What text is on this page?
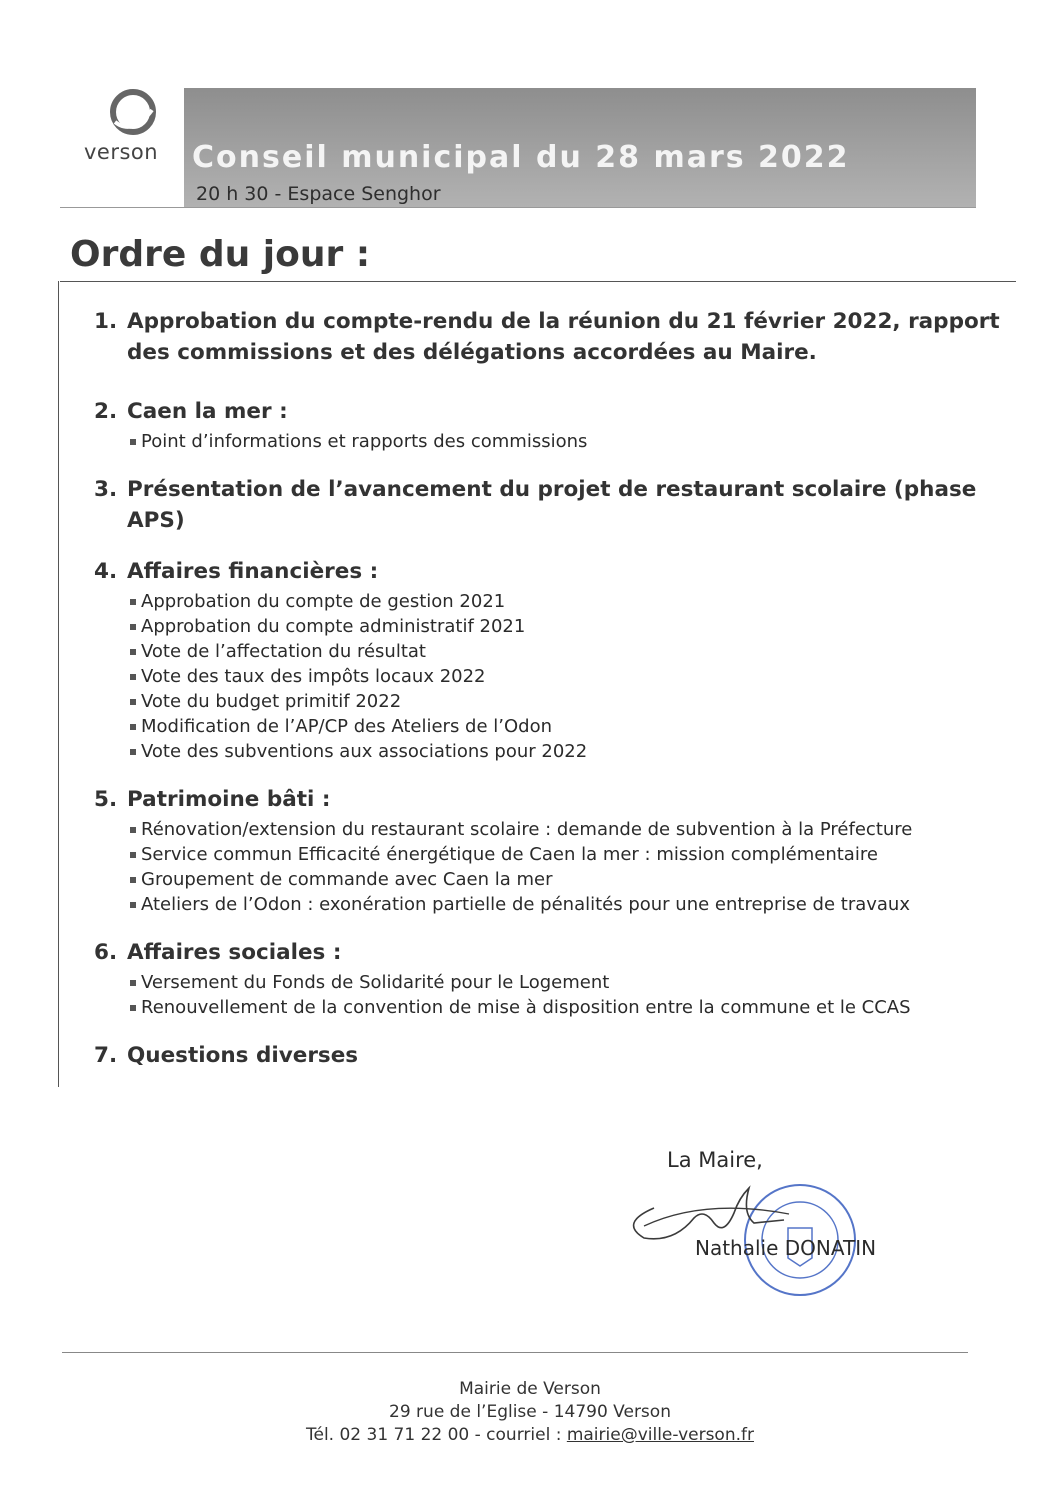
verson Conseil municipal du 28 mars 2022
20 h 30 - Espace Senghor
Ordre du jour :
1. Approbation du compte-rendu de la réunion du 21 février 2022, rapport des commissions et des délégations accordées au Maire.
2. Caen la mer :
Point d’informations et rapports des commissions
3. Présentation de l’avancement du projet de restaurant scolaire (phase APS)
4. Affaires financières :
Approbation du compte de gestion 2021
Approbation du compte administratif 2021
Vote de l’affectation du résultat
Vote des taux des impôts locaux 2022
Vote du budget primitif 2022
Modification de l’AP/CP des Ateliers de l’Odon
Vote des subventions aux associations pour 2022
5. Patrimoine bâti :
Rénovation/extension du restaurant scolaire : demande de subvention à la Préfecture
Service commun Efficacité énergétique de Caen la mer : mission complémentaire
Groupement de commande avec Caen la mer
Ateliers de l’Odon : exonération partielle de pénalités pour une entreprise de travaux
6. Affaires sociales :
Versement du Fonds de Solidarité pour le Logement
Renouvellement de la convention de mise à disposition entre la commune et le CCAS
7. Questions diverses
La Maire,
Nathalie DONATIN
Mairie de Verson
29 rue de l’Eglise - 14790 Verson
Tél. 02 31 71 22 00 - courriel : mairie@ville-verson.fr
